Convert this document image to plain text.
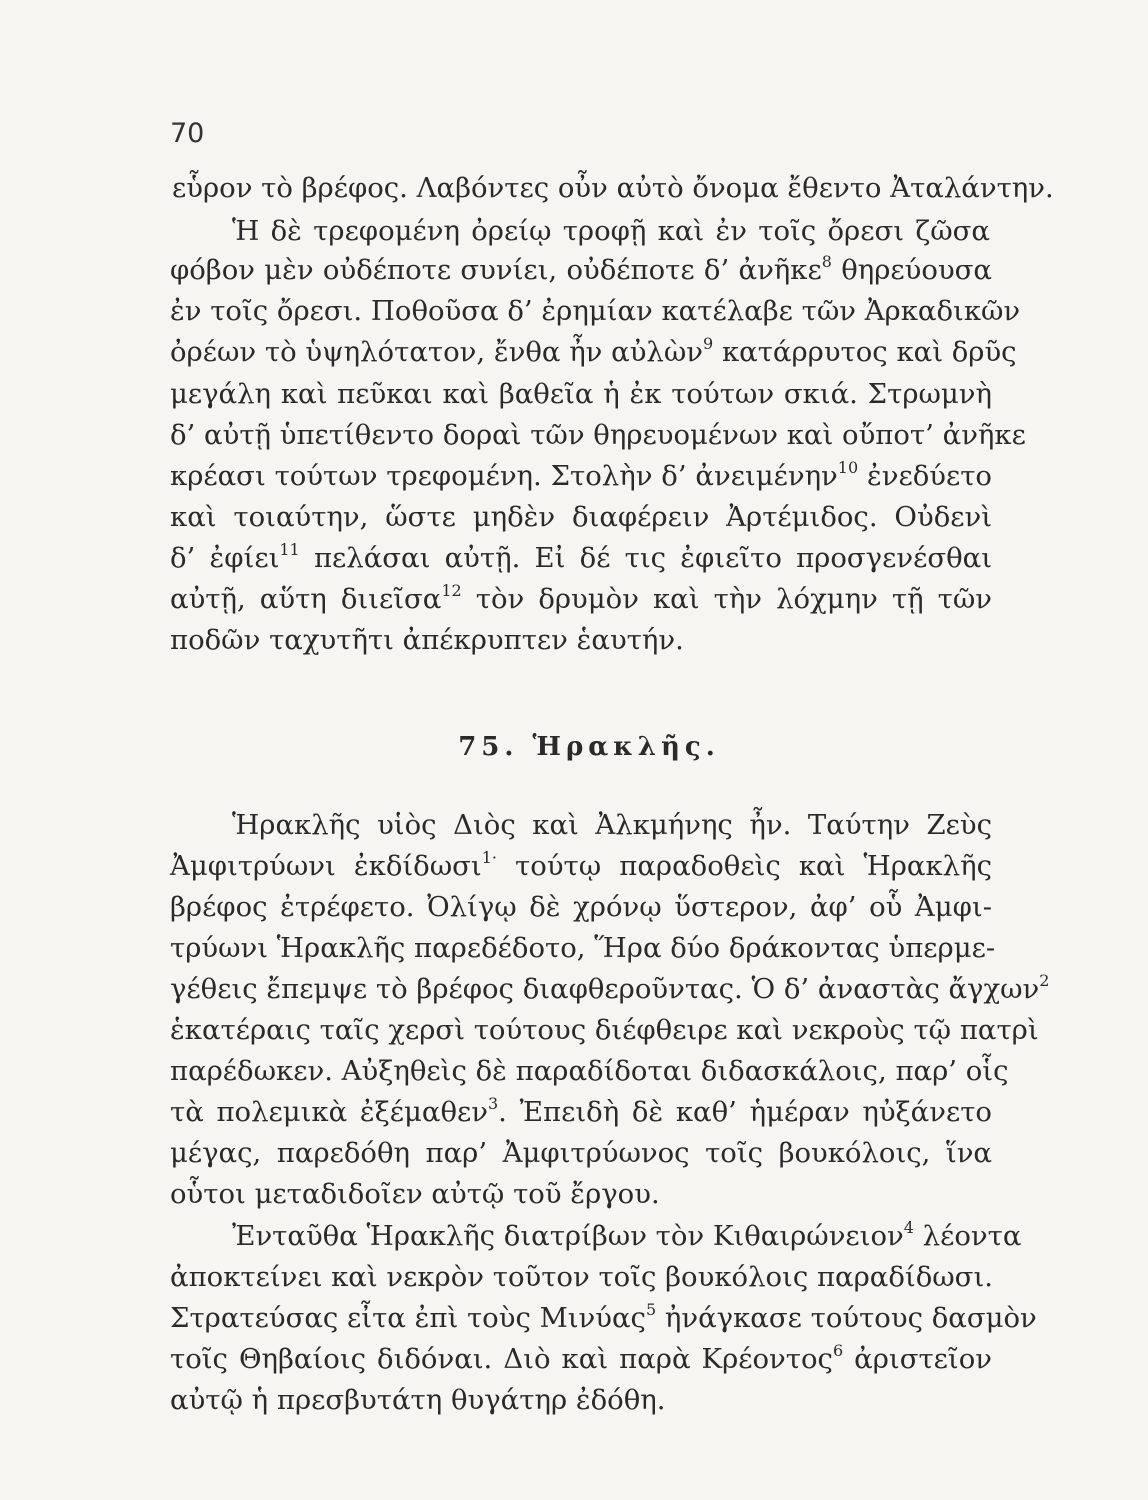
70
εὗρον τὸ βρέφος. Λαβόντες οὖν αὐτὸ ὄνομα ἔθεντο Ἀταλάντην.
Ἡ δὲ τρεφομένη ὀρείῳ τροφῇ καὶ ἐν τοῖς ὄρεσι ζῶσα
φόβον μὲν οὐδέποτε συνίει, οὐδέποτε δ’ ἀνῆκε$^8$ θηρεύουσα
ἐν τοῖς ὄρεσι. Ποθοῦσα δ’ ἐρημίαν κατέλαβε τῶν Ἀρκαδικῶν
ὀρέων τὸ ὑψηλότατον, ἔνθα ἦν αὐλὼν$^9$ κατάρρυτος καὶ δρῦς
μεγάλη καὶ πεῦκαι καὶ βαθεῖα ἡ ἐκ τούτων σκιά. Στρωμνὴ
δ’ αὐτῇ ὑπετίθεντο δοραὶ τῶν θηρευομένων καὶ οὔποτ’ ἀνῆκε
κρέασι τούτων τρεφομένη. Στολὴν δ’ ἀνειμένην$^{10}$ ἐνεδύετο
καὶ τοιαύτην, ὥστε μηδὲν διαφέρειν Ἀρτέμιδος. Οὐδενὶ
δ’ ἐφίει$^{11}$ πελάσαι αὐτῇ. Εἰ δέ τις ἐφιεῖτο προσγενέσθαι
αὐτῇ, αὕτη διιεῖσα$^{12}$ τὸν δρυμὸν καὶ τὴν λόχμην τῇ τῶν
ποδῶν ταχυτῆτι ἀπέκρυπτεν ἑαυτήν.
75. Ἡρακλῆς.
Ἡρακλῆς υἱὸς Διὸς καὶ Ἀλκμήνης ἦν. Ταύτην Ζεὺς
Ἀμφιτρύωνι ἐκδίδωσι$^{1\cdot}$ τούτῳ παραδοθεὶς καὶ Ἡρακλῆς
βρέφος ἐτρέφετο. Ὀλίγῳ δὲ χρόνῳ ὕστερον, ἀφ’ οὗ Ἀμφι-
τρύωνι Ἡρακλῆς παρεδέδοτο, Ἥρα δύο δράκοντας ὑπερμε-
γέθεις ἔπεμψε τὸ βρέφος διαφθεροῦντας. Ὁ δ’ ἀναστὰς ἄγχων$^2$
ἑκατέραις ταῖς χερσὶ τούτους διέφθειρε καὶ νεκροὺς τῷ πατρὶ
παρέδωκεν. Αὐξηθεὶς δὲ παραδίδοται διδασκάλοις, παρ’ οἷς
τὰ πολεμικὰ ἐξέμαθεν$^3$. Ἐπειδὴ δὲ καθ’ ἡμέραν ηὐξάνετο
μέγας, παρεδόθη παρ’ Ἀμφιτρύωνος τοῖς βουκόλοις, ἵνα
οὗτοι μεταδιδοῖεν αὐτῷ τοῦ ἔργου.
Ἐνταῦθα Ἡρακλῆς διατρίβων τὸν Κιθαιρώνειον$^4$ λέοντα
ἀποκτείνει καὶ νεκρὸν τοῦτον τοῖς βουκόλοις παραδίδωσι.
Στρατεύσας εἶτα ἐπὶ τοὺς Μινύας$^5$ ἠνάγκασε τούτους δασμὸν
τοῖς Θηβαίοις διδόναι. Διὸ καὶ παρὰ Κρέοντος$^6$ ἀριστεῖον
αὐτῷ ἡ πρεσβυτάτη θυγάτηρ ἐδόθη.
